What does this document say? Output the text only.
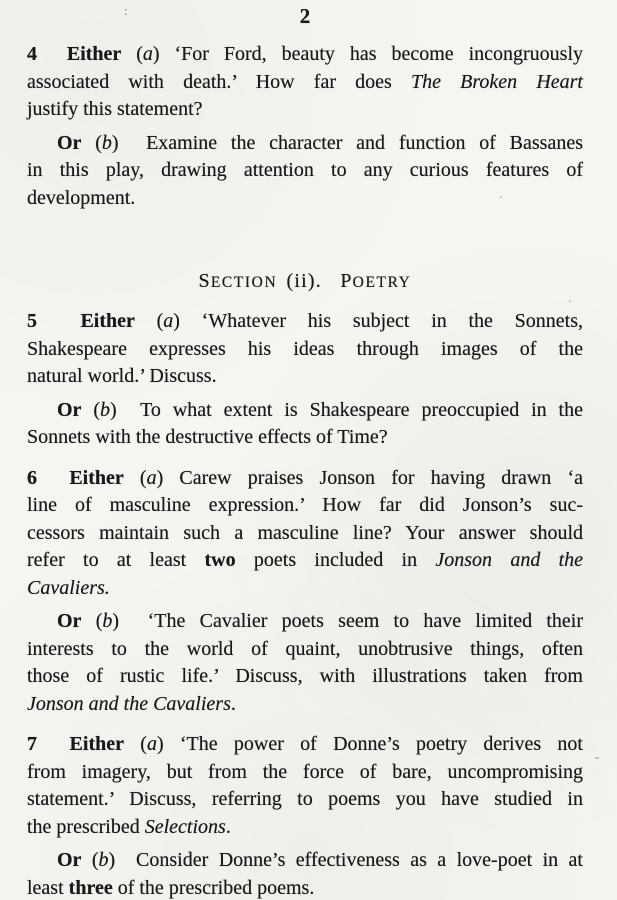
:	2
4  Either (a) ‘For Ford, beauty has become incongruously
associated with death.’ How far does The Broken Heart
justify this statement?
Or (b)  Examine the character and function of Bassanes
in this play, drawing attention to any curious features of
development.
SECTION (ii).  POETRY
5  Either (a) ‘Whatever his subject in the Sonnets,
Shakespeare expresses his ideas through images of the
natural world.’ Discuss.
Or (b)  To what extent is Shakespeare preoccupied in the
Sonnets with the destructive effects of Time?
6  Either (a) Carew praises Jonson for having drawn ‘a
line of masculine expression.’ How far did Jonson’s suc-
cessors maintain such a masculine line? Your answer should
refer to at least two poets included in Jonson and the
Cavaliers.
Or (b)  ‘The Cavalier poets seem to have limited their
interests to the world of quaint, unobtrusive things, often
those of rustic life.’ Discuss, with illustrations taken from
Jonson and the Cavaliers.
7  Either (a) ‘The power of Donne’s poetry derives not
from imagery, but from the force of bare, uncompromising
statement.’ Discuss, referring to poems you have studied in
the prescribed Selections.
Or (b)  Consider Donne’s effectiveness as a love-poet in at
least three of the prescribed poems.
